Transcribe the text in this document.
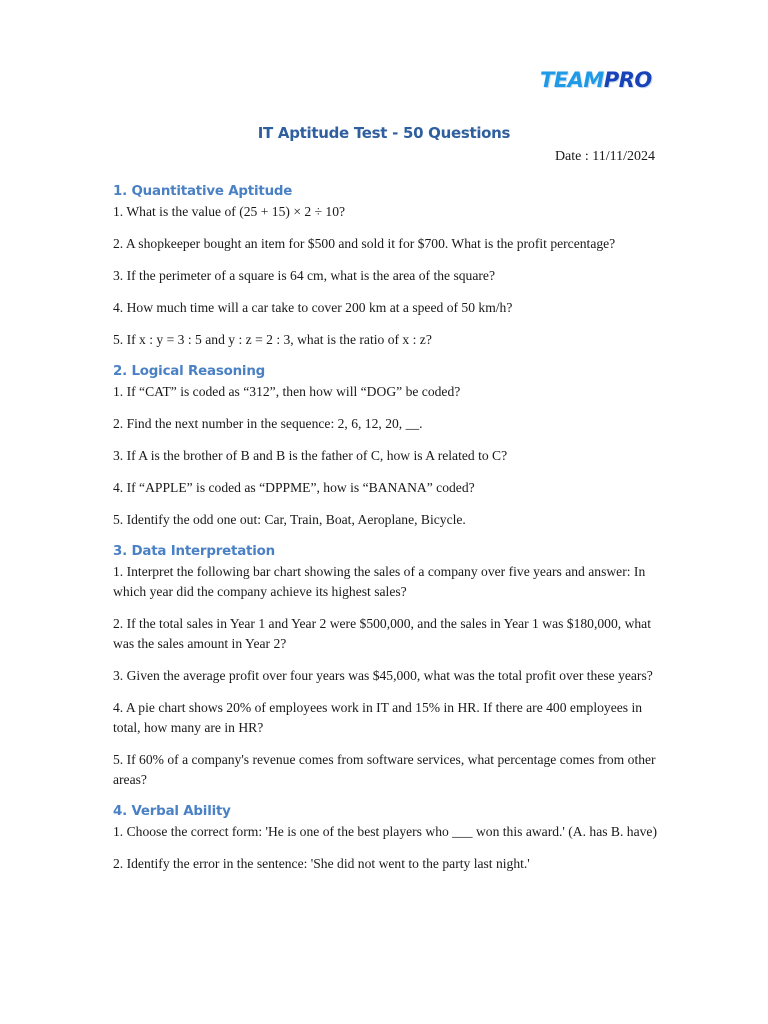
TEAMPRO
IT Aptitude Test - 50 Questions
Date : 11/11/2024
1. Quantitative Aptitude

1. What is the value of (25 + 15) × 2 ÷ 10?

2. A shopkeeper bought an item for $500 and sold it for $700. What is the profit percentage?

3. If the perimeter of a square is 64 cm, what is the area of the square?

4. How much time will a car take to cover 200 km at a speed of 50 km/h?

5. If x : y = 3 : 5 and y : z = 2 : 3, what is the ratio of x : z?

2. Logical Reasoning

1. If “CAT” is coded as “312”, then how will “DOG” be coded?

2. Find the next number in the sequence: 2, 6, 12, 20, __.

3. If A is the brother of B and B is the father of C, how is A related to C?

4. If “APPLE” is coded as “DPPME”, how is “BANANA” coded?

5. Identify the odd one out: Car, Train, Boat, Aeroplane, Bicycle.

3. Data Interpretation

1. Interpret the following bar chart showing the sales of a company over five years and answer: In which year did the company achieve its highest sales?

2. If the total sales in Year 1 and Year 2 were $500,000, and the sales in Year 1 was $180,000, what was the sales amount in Year 2?

3. Given the average profit over four years was $45,000, what was the total profit over these years?

4. A pie chart shows 20% of employees work in IT and 15% in HR. If there are 400 employees in total, how many are in HR?

5. If 60% of a company's revenue comes from software services, what percentage comes from other areas?

4. Verbal Ability

1. Choose the correct form: 'He is one of the best players who ___ won this award.' (A. has B. have)

2. Identify the error in the sentence: 'She did not went to the party last night.'
